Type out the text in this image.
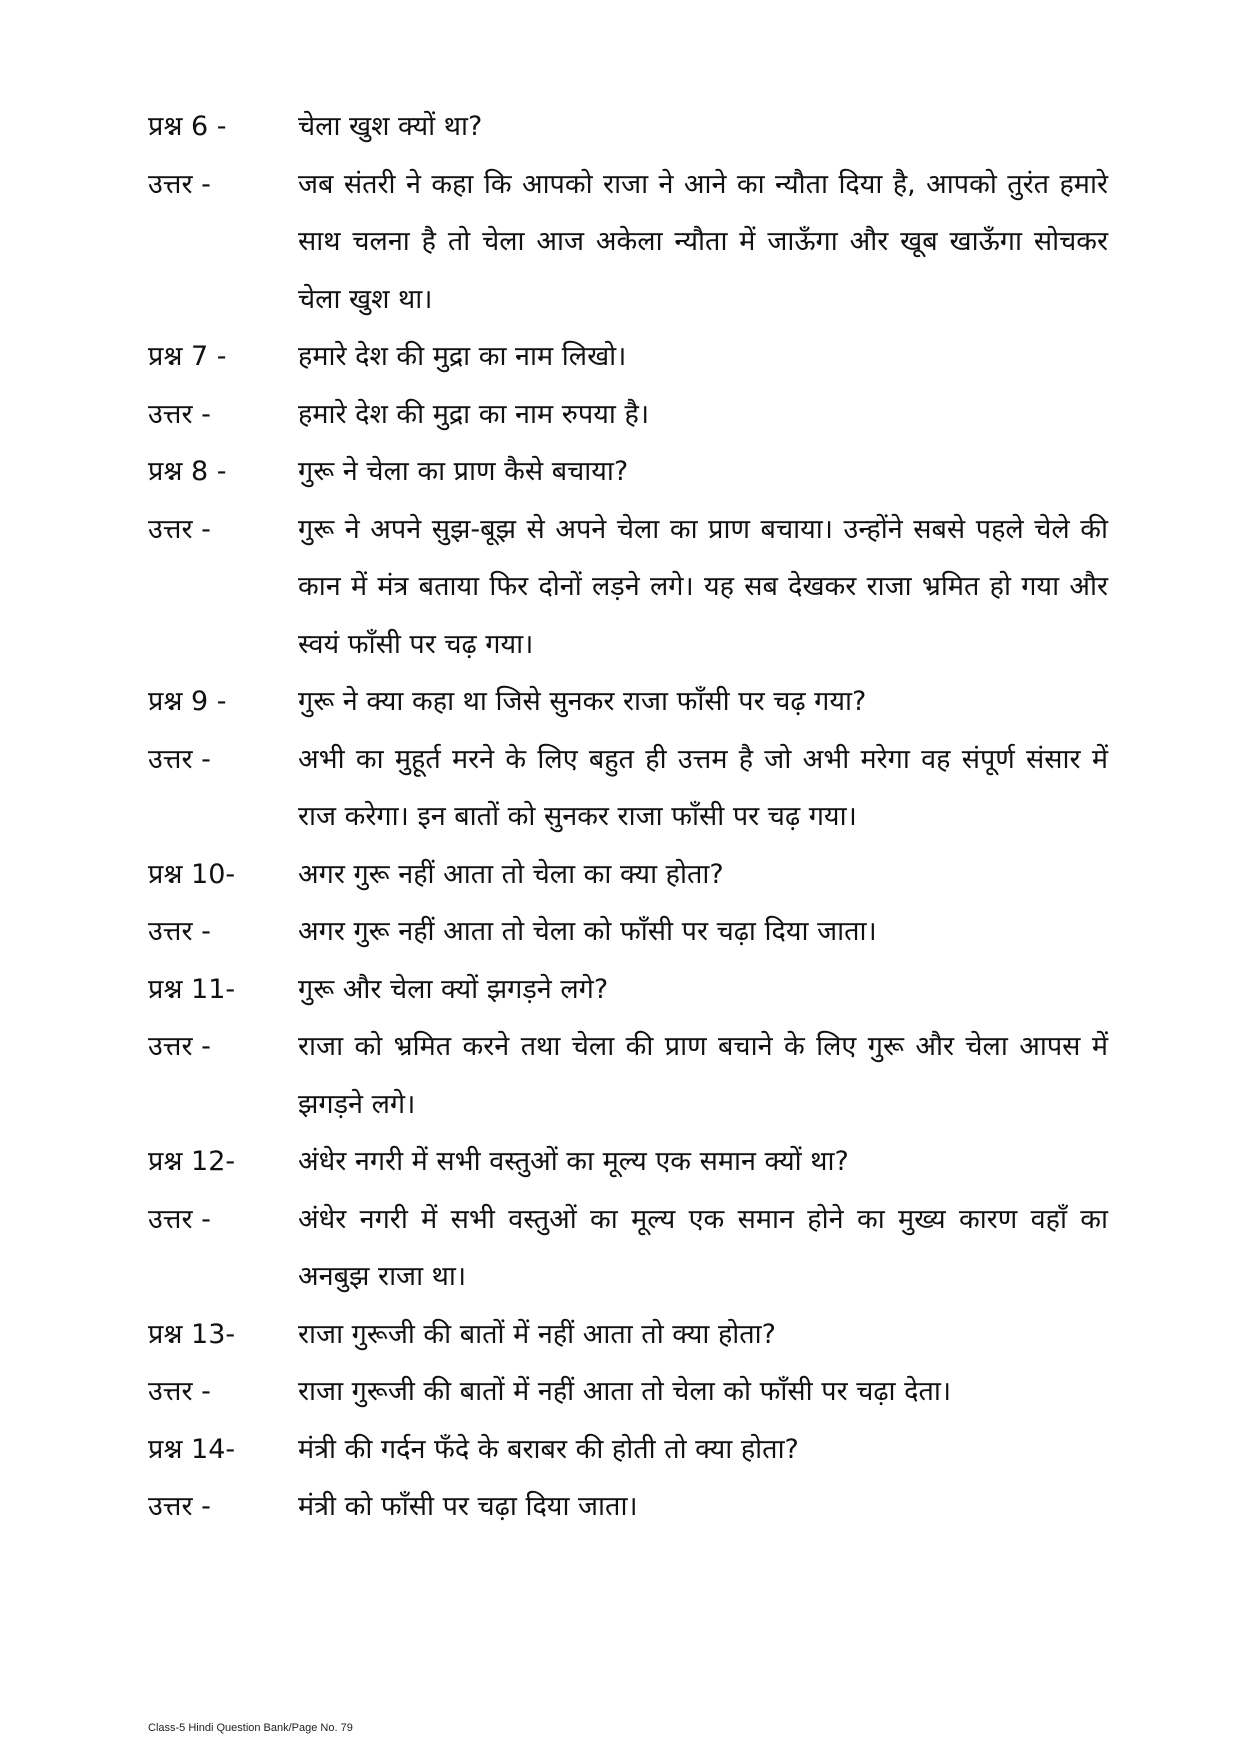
प्रश्न 6 -	चेला खुश क्यों था?
उत्तर -	जब संतरी ने कहा कि आपको राजा ने आने का न्यौता दिया है, आपको तुरंत हमारे साथ चलना है तो चेला आज अकेला न्यौता में जाऊँगा और खूब खाऊँगा सोचकर चेला खुश था।
प्रश्न 7 -	हमारे देश की मुद्रा का नाम लिखो।
उत्तर -	हमारे देश की मुद्रा का नाम रुपया है।
प्रश्न 8 -	गुरू ने चेला का प्राण कैसे बचाया?
उत्तर -	गुरू ने अपने सुझ-बूझ से अपने चेला का प्राण बचाया। उन्होंने सबसे पहले चेले की कान में मंत्र बताया फिर दोनों लड़ने लगे। यह सब देखकर राजा भ्रमित हो गया और स्वयं फाँसी पर चढ़ गया।
प्रश्न 9 -	गुरू ने क्या कहा था जिसे सुनकर राजा फाँसी पर चढ़ गया?
उत्तर -	अभी का मुहूर्त मरने के लिए बहुत ही उत्तम है जो अभी मरेगा वह संपूर्ण संसार में राज करेगा। इन बातों को सुनकर राजा फाँसी पर चढ़ गया।
प्रश्न 10-	अगर गुरू नहीं आता तो चेला का क्या होता?
उत्तर -	अगर गुरू नहीं आता तो चेला को फाँसी पर चढ़ा दिया जाता।
प्रश्न 11-	गुरू और चेला क्यों झगड़ने लगे?
उत्तर -	राजा को भ्रमित करने तथा चेला की प्राण बचाने के लिए गुरू और चेला आपस में झगड़ने लगे।
प्रश्न 12-	अंधेर नगरी में सभी वस्तुओं का मूल्य एक समान क्यों था?
उत्तर -	अंधेर नगरी में सभी वस्तुओं का मूल्य एक समान होने का मुख्य कारण वहाँ का अनबुझ राजा था।
प्रश्न 13-	राजा गुरूजी की बातों में नहीं आता तो क्या होता?
उत्तर -	राजा गुरूजी की बातों में नहीं आता तो चेला को फाँसी पर चढ़ा देता।
प्रश्न 14-	मंत्री की गर्दन फँदे के बराबर की होती तो क्या होता?
उत्तर -	मंत्री को फाँसी पर चढ़ा दिया जाता।
Class-5 Hindi Question Bank/Page No. 79
